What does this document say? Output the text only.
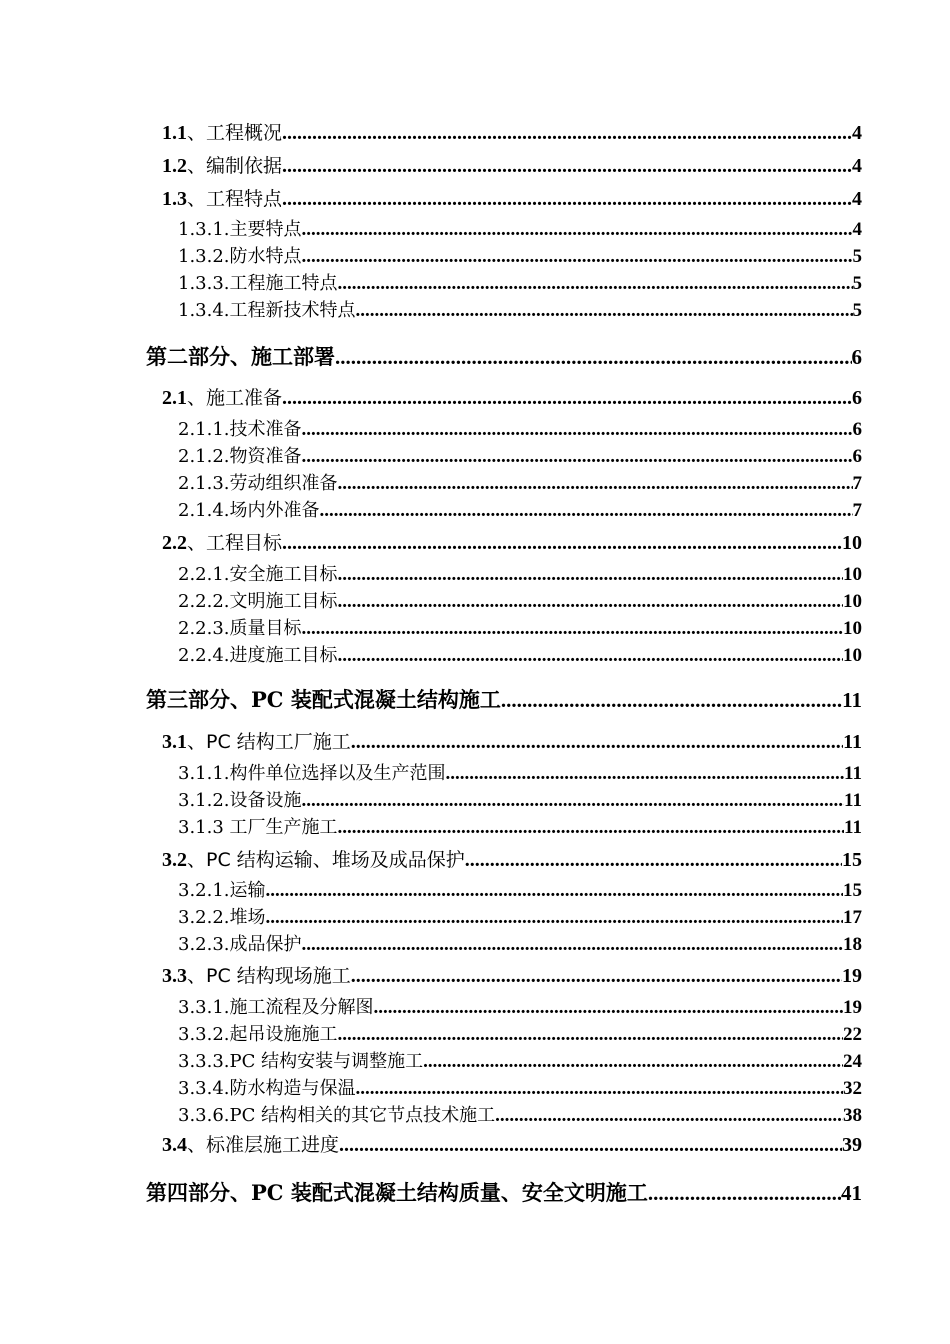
1.1、工程概况 .....	4
1.2、编制依据 .....	4
1.3、工程特点 .....	4
1.3.1.主要特点 .....	4
1.3.2.防水特点 .....	5
1.3.3.工程施工特点 .....	5
1.3.4.工程新技术特点 .....	5
第二部分、施工部署 .....	6
2.1、施工准备 .....	6
2.1.1.技术准备 .....	6
2.1.2.物资准备 .....	6
2.1.3.劳动组织准备 .....	7
2.1.4.场内外准备 .....	7
2.2、工程目标 .....	10
2.2.1.安全施工目标 .....	10
2.2.2.文明施工目标 .....	10
2.2.3.质量目标 .....	10
2.2.4.进度施工目标 .....	10
第三部分、PC 装配式混凝土结构施工 .....	11
3.1、PC 结构工厂施工 .....	11
3.1.1.构件单位选择以及生产范围 .....	11
3.1.2.设备设施 .....	11
3.1.3 工厂生产施工 .....	11
3.2、PC 结构运输、堆场及成品保护 .....	15
3.2.1.运输 .....	15
3.2.2.堆场 .....	17
3.2.3.成品保护 .....	18
3.3、PC 结构现场施工 .....	19
3.3.1.施工流程及分解图 .....	19
3.3.2.起吊设施施工 .....	22
3.3.3.PC 结构安装与调整施工 .....	24
3.3.4.防水构造与保温 .....	32
3.3.6.PC 结构相关的其它节点技术施工 .....	38
3.4、标准层施工进度 .....	39
第四部分、PC 装配式混凝土结构质量、安全文明施工 .....	41
